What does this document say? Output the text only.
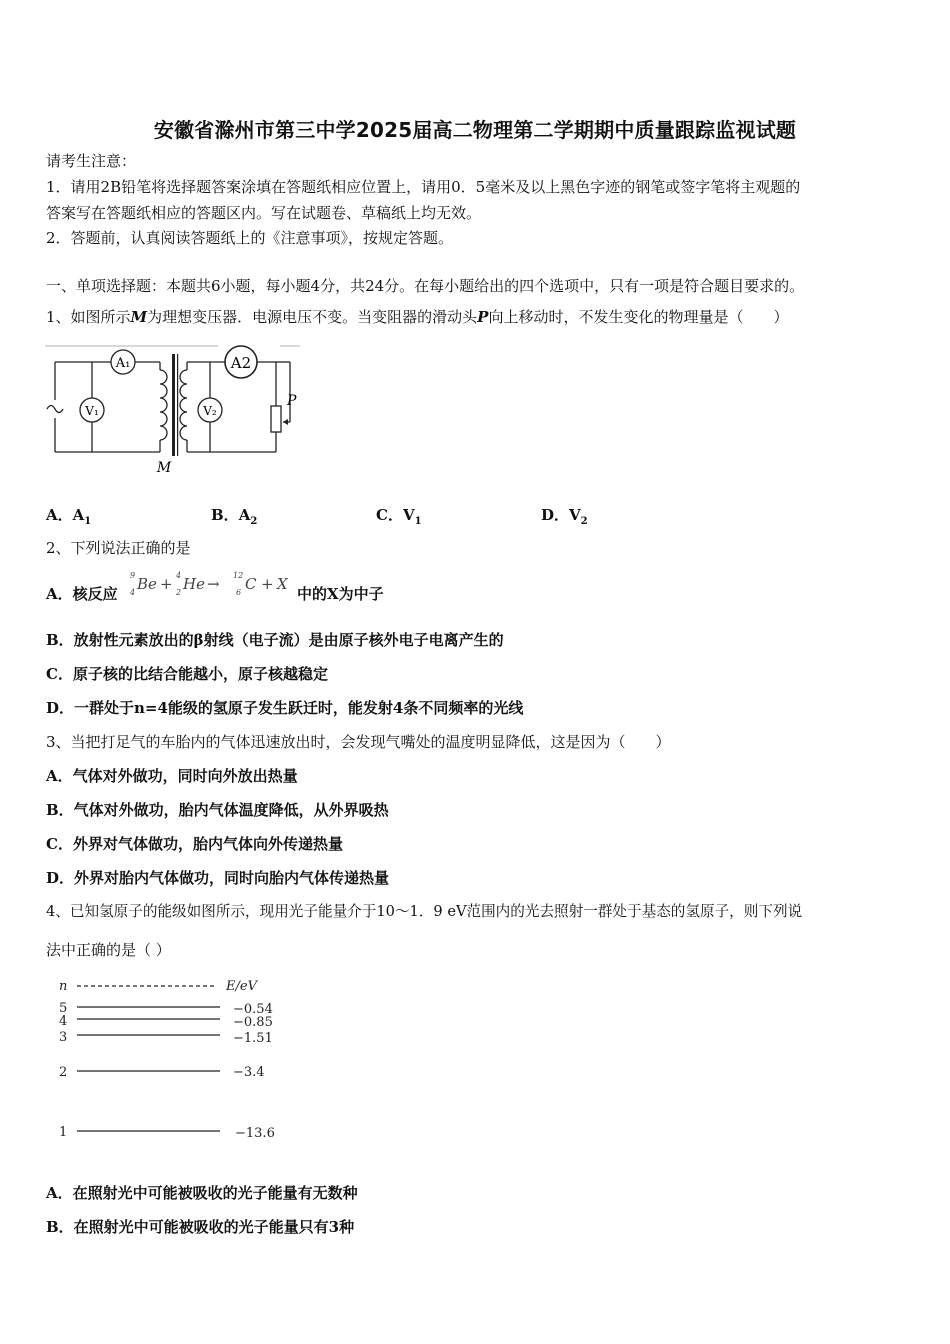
安徽省滁州市第三中学2025届高二物理第二学期期中质量跟踪监视试题
请考生注意：
1．请用2B铅笔将选择题答案涂填在答题纸相应位置上，请用0．5毫米及以上黑色字迹的钢笔或签字笔将主观题的
答案写在答题纸相应的答题区内。写在试题卷、草稿纸上均无效。
2．答题前，认真阅读答题纸上的《注意事项》，按规定答题。
一、单项选择题：本题共6小题，每小题4分，共24分。在每小题给出的四个选项中，只有一项是符合题目要求的。
1、如图所示M为理想变压器．电源电压不变。当变阻器的滑动头P向上移动时，不发生变化的物理量是（　　）
A₁	A2
V₁	V₂
P
M
A．$A_1$	B．$A_2$	C．$V_1$	D．$V_2$
2、下列说法正确的是
A．核反应
9
4 Be + 4
2 He → 12
6 C + X
中的X为中子
B．放射性元素放出的β射线（电子流）是由原子核外电子电离产生的
C．原子核的比结合能越小，原子核越稳定
D．一群处于n=4能级的氢原子发生跃迁时，能发射4条不同频率的光线
3、当把打足气的车胎内的气体迅速放出时，会发现气嘴处的温度明显降低，这是因为（　　）
A．气体对外做功，同时向外放出热量
B．气体对外做功，胎内气体温度降低，从外界吸热
C．外界对气体做功，胎内气体向外传递热量
D．外界对胎内气体做功，同时向胎内气体传递热量
4、已知氢原子的能级如图所示，现用光子能量介于10～1．9 eV范围内的光去照射一群处于基态的氢原子，则下列说
法中正确的是（ ）
n	E/eV
5	−0.54
4	−0.85
3	−1.51
2	−3.4
1	−13.6
A．在照射光中可能被吸收的光子能量有无数种
B．在照射光中可能被吸收的光子能量只有3种
